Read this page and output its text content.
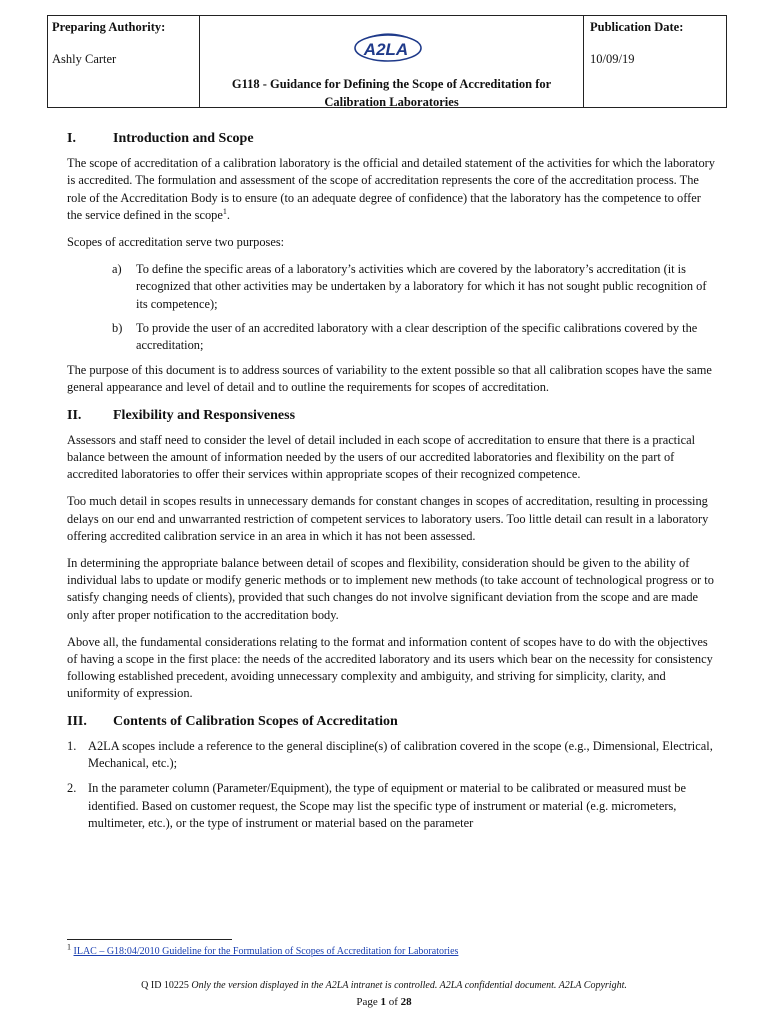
Preparing Authority:
Ashly Carter	A2LA
G118 - Guidance for Defining the Scope of Accreditation for
Calibration Laboratories
Publication Date:
10/09/19
I.	Introduction and Scope

The scope of accreditation of a calibration laboratory is the official and detailed statement of the activities for which the laboratory is accredited. The formulation and assessment of the scope of accreditation represents the core of the accreditation process. The role of the Accreditation Body is to ensure (to an adequate degree of confidence) that the laboratory has the competence to offer the service defined in the scope$^1$.

Scopes of accreditation serve two purposes:

a)	To define the specific areas of a laboratory’s activities which are covered by the laboratory’s accreditation (it is recognized that other activities may be undertaken by a laboratory for which it has not sought public recognition of its competence);
b)	To provide the user of an accredited laboratory with a clear description of the specific calibrations covered by the accreditation;

The purpose of this document is to address sources of variability to the extent possible so that all calibration scopes have the same general appearance and level of detail and to outline the requirements for scopes of accreditation.

II.	Flexibility and Responsiveness

Assessors and staff need to consider the level of detail included in each scope of accreditation to ensure that there is a practical balance between the amount of information needed by the users of our accredited laboratories and flexibility on the part of accredited laboratories to offer their services within appropriate scopes of their recognized competence.

Too much detail in scopes results in unnecessary demands for constant changes in scopes of accreditation, resulting in processing delays on our end and unwarranted restriction of competent services to laboratory users. Too little detail can result in a laboratory offering accredited calibration service in an area in which it has not been assessed.

In determining the appropriate balance between detail of scopes and flexibility, consideration should be given to the ability of individual labs to update or modify generic methods or to implement new methods (to take account of technological progress or to satisfy changing needs of clients), provided that such changes do not involve significant deviation from the scope and are made only after proper notification to the accreditation body.

Above all, the fundamental considerations relating to the format and information content of scopes have to do with the objectives of having a scope in the first place: the needs of the accredited laboratory and its users which bear on the necessity for consistency following established precedent, avoiding unnecessary complexity and ambiguity, and striving for simplicity, clarity, and uniformity of expression.

III.	Contents of Calibration Scopes of Accreditation
1. A2LA scopes include a reference to the general discipline(s) of calibration covered in the scope (e.g., Dimensional, Electrical, Mechanical, etc.);
2. In the parameter column (Parameter/Equipment), the type of equipment or material to be calibrated or measured must be identified. Based on customer request, the Scope may list the specific type of instrument or material (e.g. micrometers, multimeter, etc.), or the type of instrument or material based on the parameter
$^1$ ILAC – G18:04/2010 Guideline for the Formulation of Scopes of Accreditation for Laboratories
Q ID 10225 Only the version displayed in the A2LA intranet is controlled. A2LA confidential document. A2LA Copyright.
Page 1 of 28
